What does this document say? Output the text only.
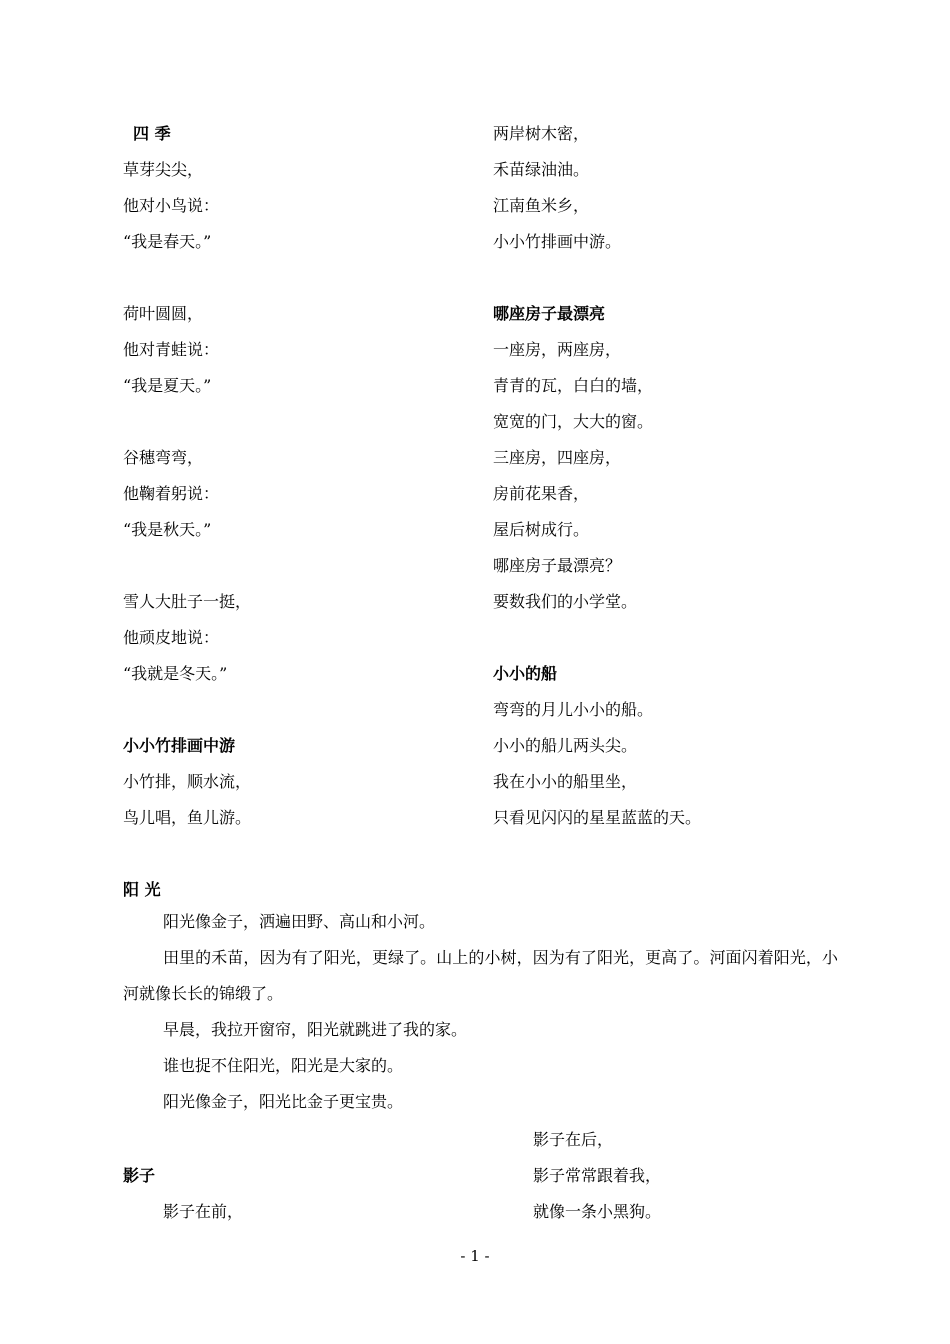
四 季
草芽尖尖，
他对小鸟说：
“我是春天。”
荷叶圆圆，
他对青蛙说：
“我是夏天。”
谷穗弯弯，
他鞠着躬说：
“我是秋天。”
雪人大肚子一挺，
他顽皮地说：
“我就是冬天。”
小小竹排画中游
小竹排，顺水流，
鸟儿唱，鱼儿游。
两岸树木密，
禾苗绿油油。
江南鱼米乡，
小小竹排画中游。
哪座房子最漂亮
一座房，两座房，
青青的瓦，白白的墙，
宽宽的门，大大的窗。
三座房，四座房，
房前花果香，
屋后树成行。
哪座房子最漂亮？
要数我们的小学堂。
小小的船
弯弯的月儿小小的船。
小小的船儿两头尖。
我在小小的船里坐，
只看见闪闪的星星蓝蓝的天。
阳 光
阳光像金子，洒遍田野、高山和小河。
田里的禾苗，因为有了阳光，更绿了。山上的小树，因为有了阳光，更高了。河面闪着阳光，小河就像长长的锦缎了。
早晨，我拉开窗帘，阳光就跳进了我的家。
谁也捉不住阳光，阳光是大家的。
阳光像金子，阳光比金子更宝贵。
影子
影子在前，
影子在后，
影子常常跟着我，
就像一条小黑狗。
- 1 -
